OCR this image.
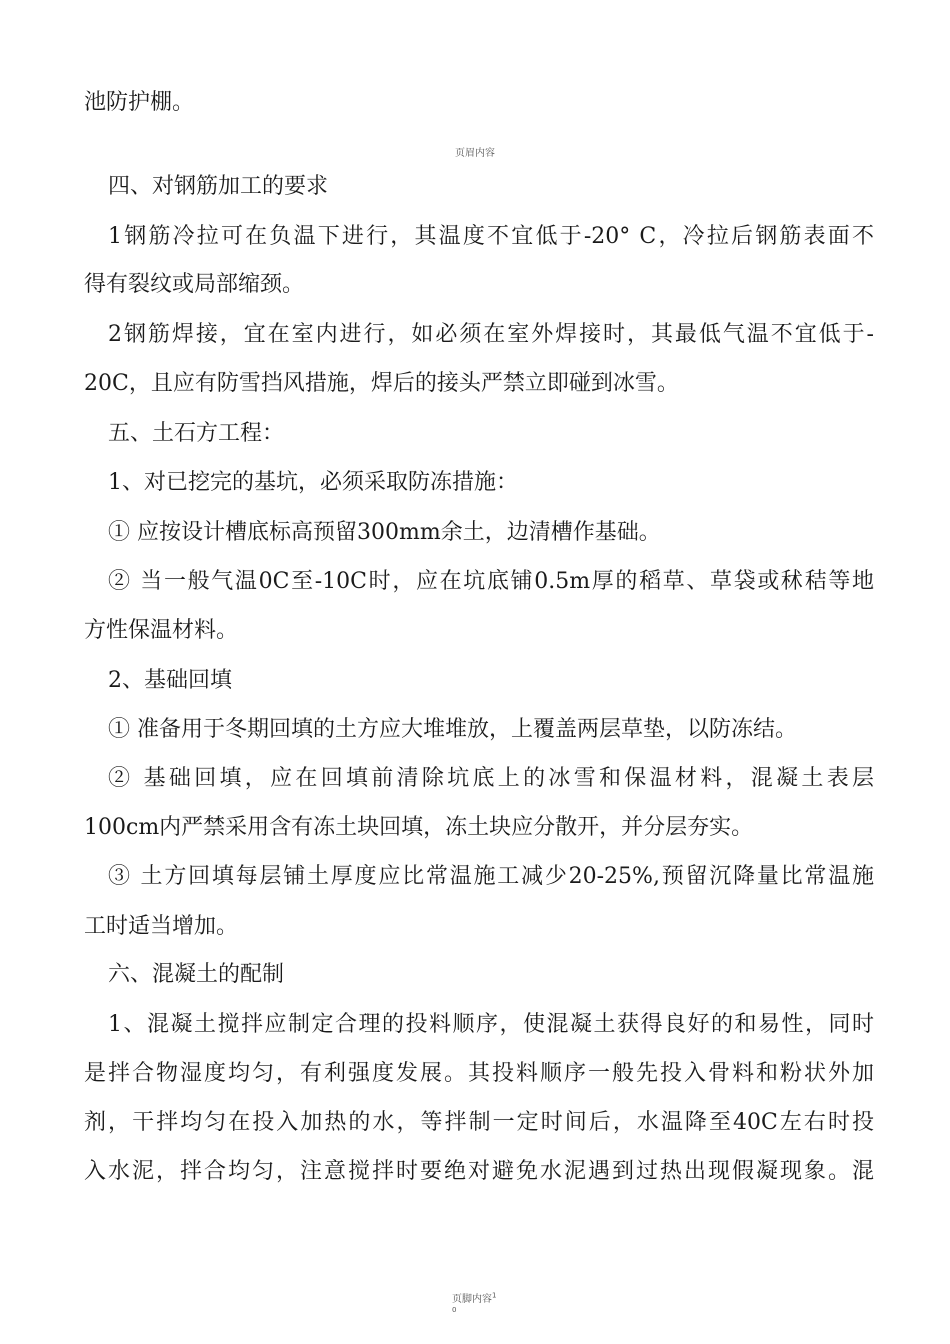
池防护棚。
页眉内容
四、对钢筋加工的要求
1钢筋冷拉可在负温下进行，其温度不宜低于-20° C，冷拉后钢筋表面不
得有裂纹或局部缩颈。
2钢筋焊接，宜在室内进行，如必须在室外焊接时，其最低气温不宜低于-
20C，且应有防雪挡风措施，焊后的接头严禁立即碰到冰雪。
五、土石方工程：
1、对已挖完的基坑，必须采取防冻措施：
① 应按设计槽底标高预留300mm余土，边清槽作基础。
② 当一般气温0C至-10C时，应在坑底铺0.5m厚的稻草、草袋或秫秸等地
方性保温材料。
2、基础回填
① 准备用于冬期回填的土方应大堆堆放，上覆盖两层草垫，以防冻结。
② 基础回填，应在回填前清除坑底上的冰雪和保温材料，混凝土表层
100cm内严禁采用含有冻土块回填，冻土块应分散开，并分层夯实。
③ 土方回填每层铺土厚度应比常温施工减少20-25%,预留沉降量比常温施
工时适当增加。
六、混凝土的配制
1、混凝土搅拌应制定合理的投料顺序，使混凝土获得良好的和易性，同时
是拌合物湿度均匀，有利强度发展。其投料顺序一般先投入骨料和粉状外加
剂，干拌均匀在投入加热的水，等拌制一定时间后，水温降至40C左右时投
入水泥，拌合均匀，注意搅拌时要绝对避免水泥遇到过热出现假凝现象。混
页脚内容$^1$
0
